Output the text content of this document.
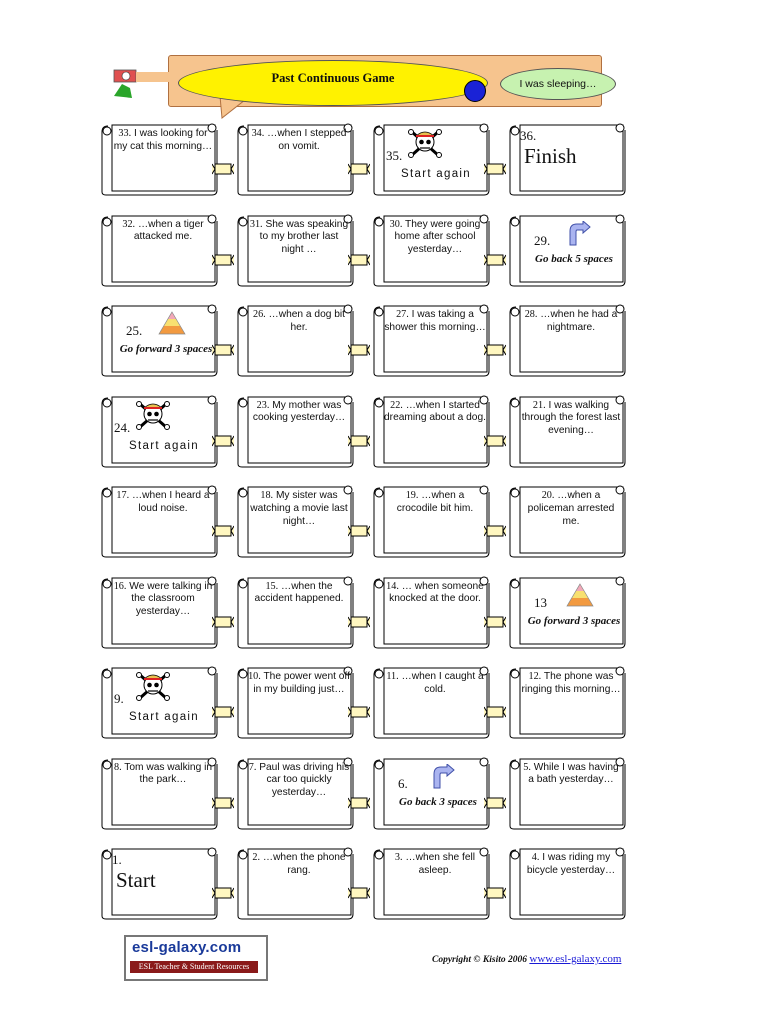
Past Continuous Game	I was sleeping…
33. I was looking for my cat this morning…
34. …when I stepped on vomit.
35.
Start again
36.
Finish
32. …when a tiger attacked me.
31. She was speaking to my brother last night …
30. They were going home after school yesterday…
29.
Go back 5 spaces
25.
Go forward 3 spaces
26. …when a dog bit her.
27. I was taking a shower this morning…
28. …when he had a nightmare.
24.
Start again
23. My mother was cooking yesterday…
22. …when I started dreaming about a dog.
21. I was walking through the forest last evening…
17. …when I heard a loud noise.
18. My sister was watching a movie last night…
19. …when a crocodile bit him.
20. …when a policeman arrested me.
16. We were talking in the classroom yesterday…
15. …when the accident happened.
14. … when someone knocked at the door.	13
Go forward 3 spaces
9.
Start again
10. The power went off in my building just…
11. …when I caught a cold.
12. The phone was ringing this morning…
8. Tom was walking in the park…
7. Paul was driving his car too quickly yesterday…
6.
Go back 3 spaces
5. While I was having a bath yesterday…
1.
Start
2. …when the phone rang.
3. …when she fell asleep.
4. I was riding my bicycle yesterday…
esl-galaxy.com
ESL Teacher & Student Resources
Copyright © Kisito 2006 www.esl-galaxy.com
